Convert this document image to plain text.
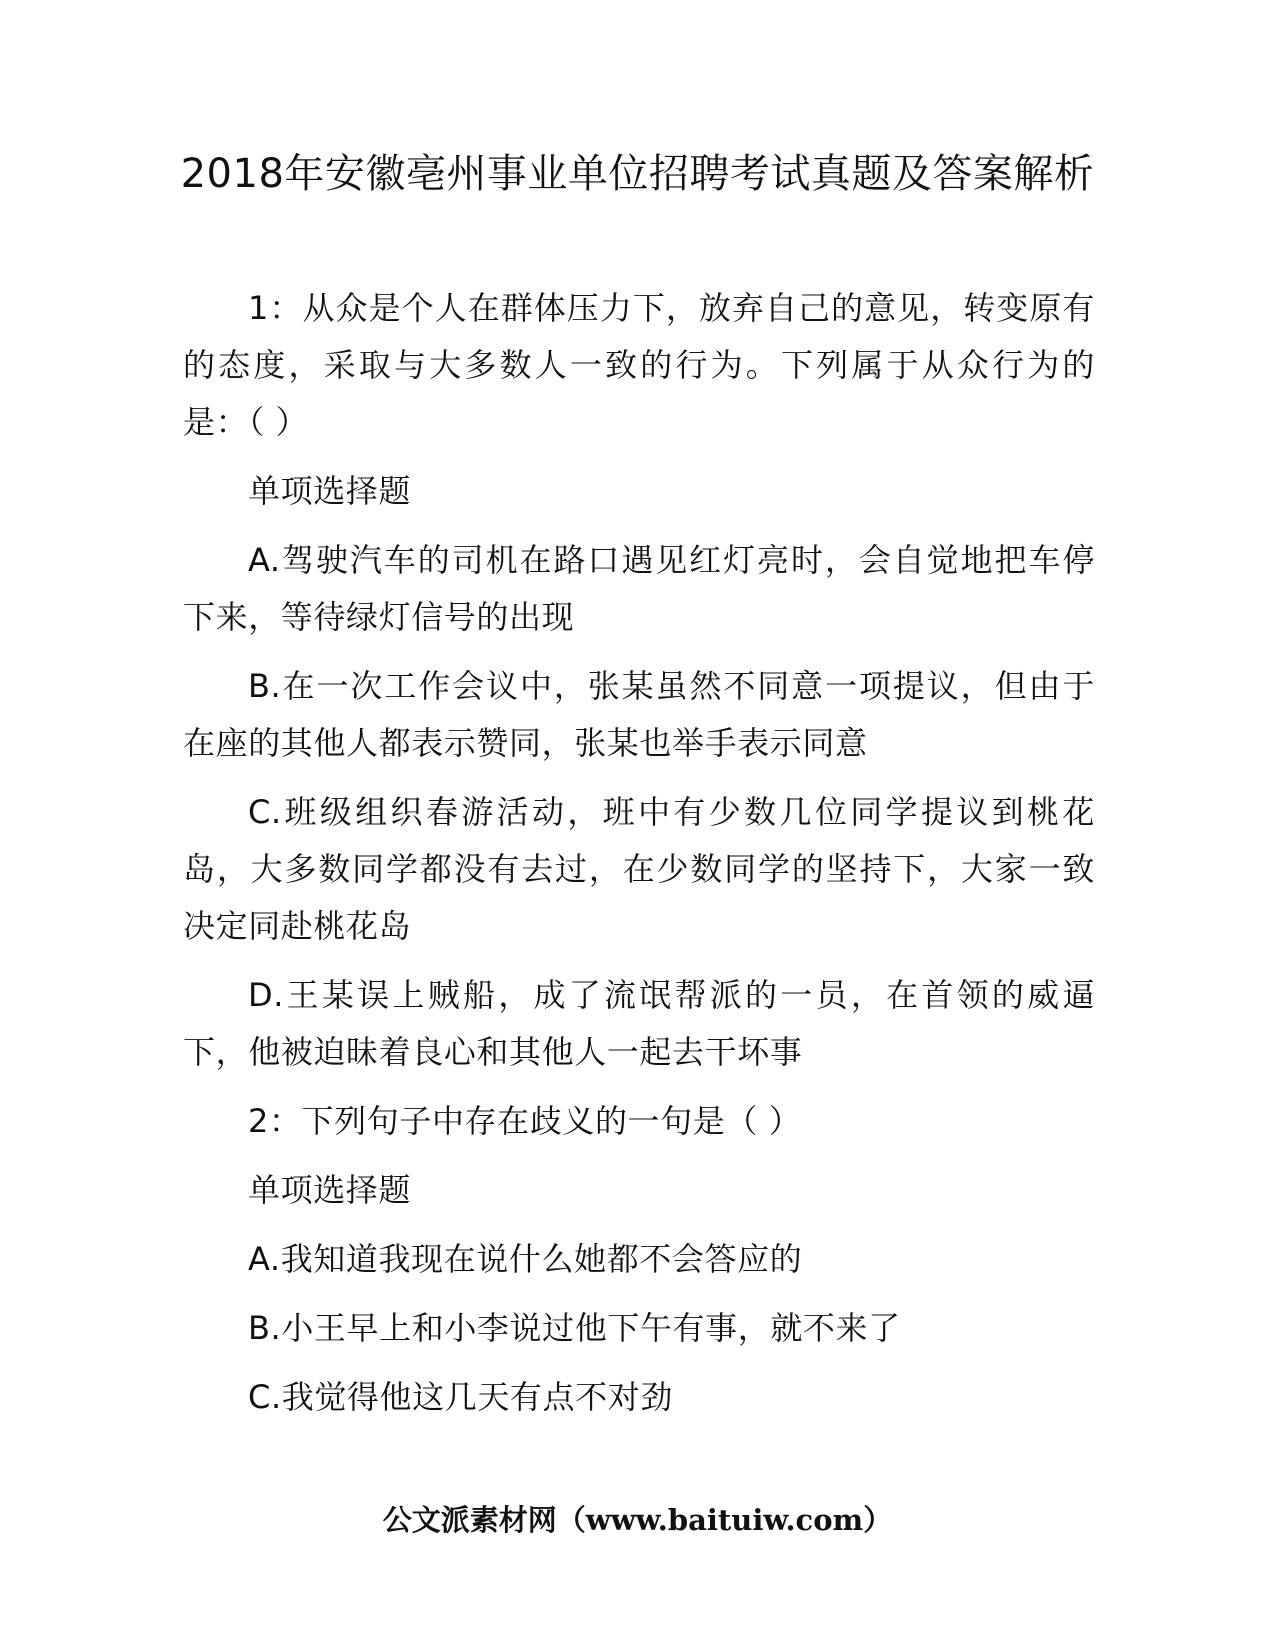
2018年安徽亳州事业单位招聘考试真题及答案解析

1：从众是个人在群体压力下，放弃自己的意见，转变原有的态度，采取与大多数人一致的行为。下列属于从众行为的是：（ ）

单项选择题

A.驾驶汽车的司机在路口遇见红灯亮时，会自觉地把车停下来，等待绿灯信号的出现

B.在一次工作会议中，张某虽然不同意一项提议，但由于在座的其他人都表示赞同，张某也举手表示同意

C.班级组织春游活动，班中有少数几位同学提议到桃花岛，大多数同学都没有去过，在少数同学的坚持下，大家一致决定同赴桃花岛

D.王某误上贼船，成了流氓帮派的一员，在首领的威逼下，他被迫昧着良心和其他人一起去干坏事

2：下列句子中存在歧义的一句是（ ）

单项选择题

A.我知道我现在说什么她都不会答应的

B.小王早上和小李说过他下午有事，就不来了

C.我觉得他这几天有点不对劲

公文派素材网（www.baituiw.com）
